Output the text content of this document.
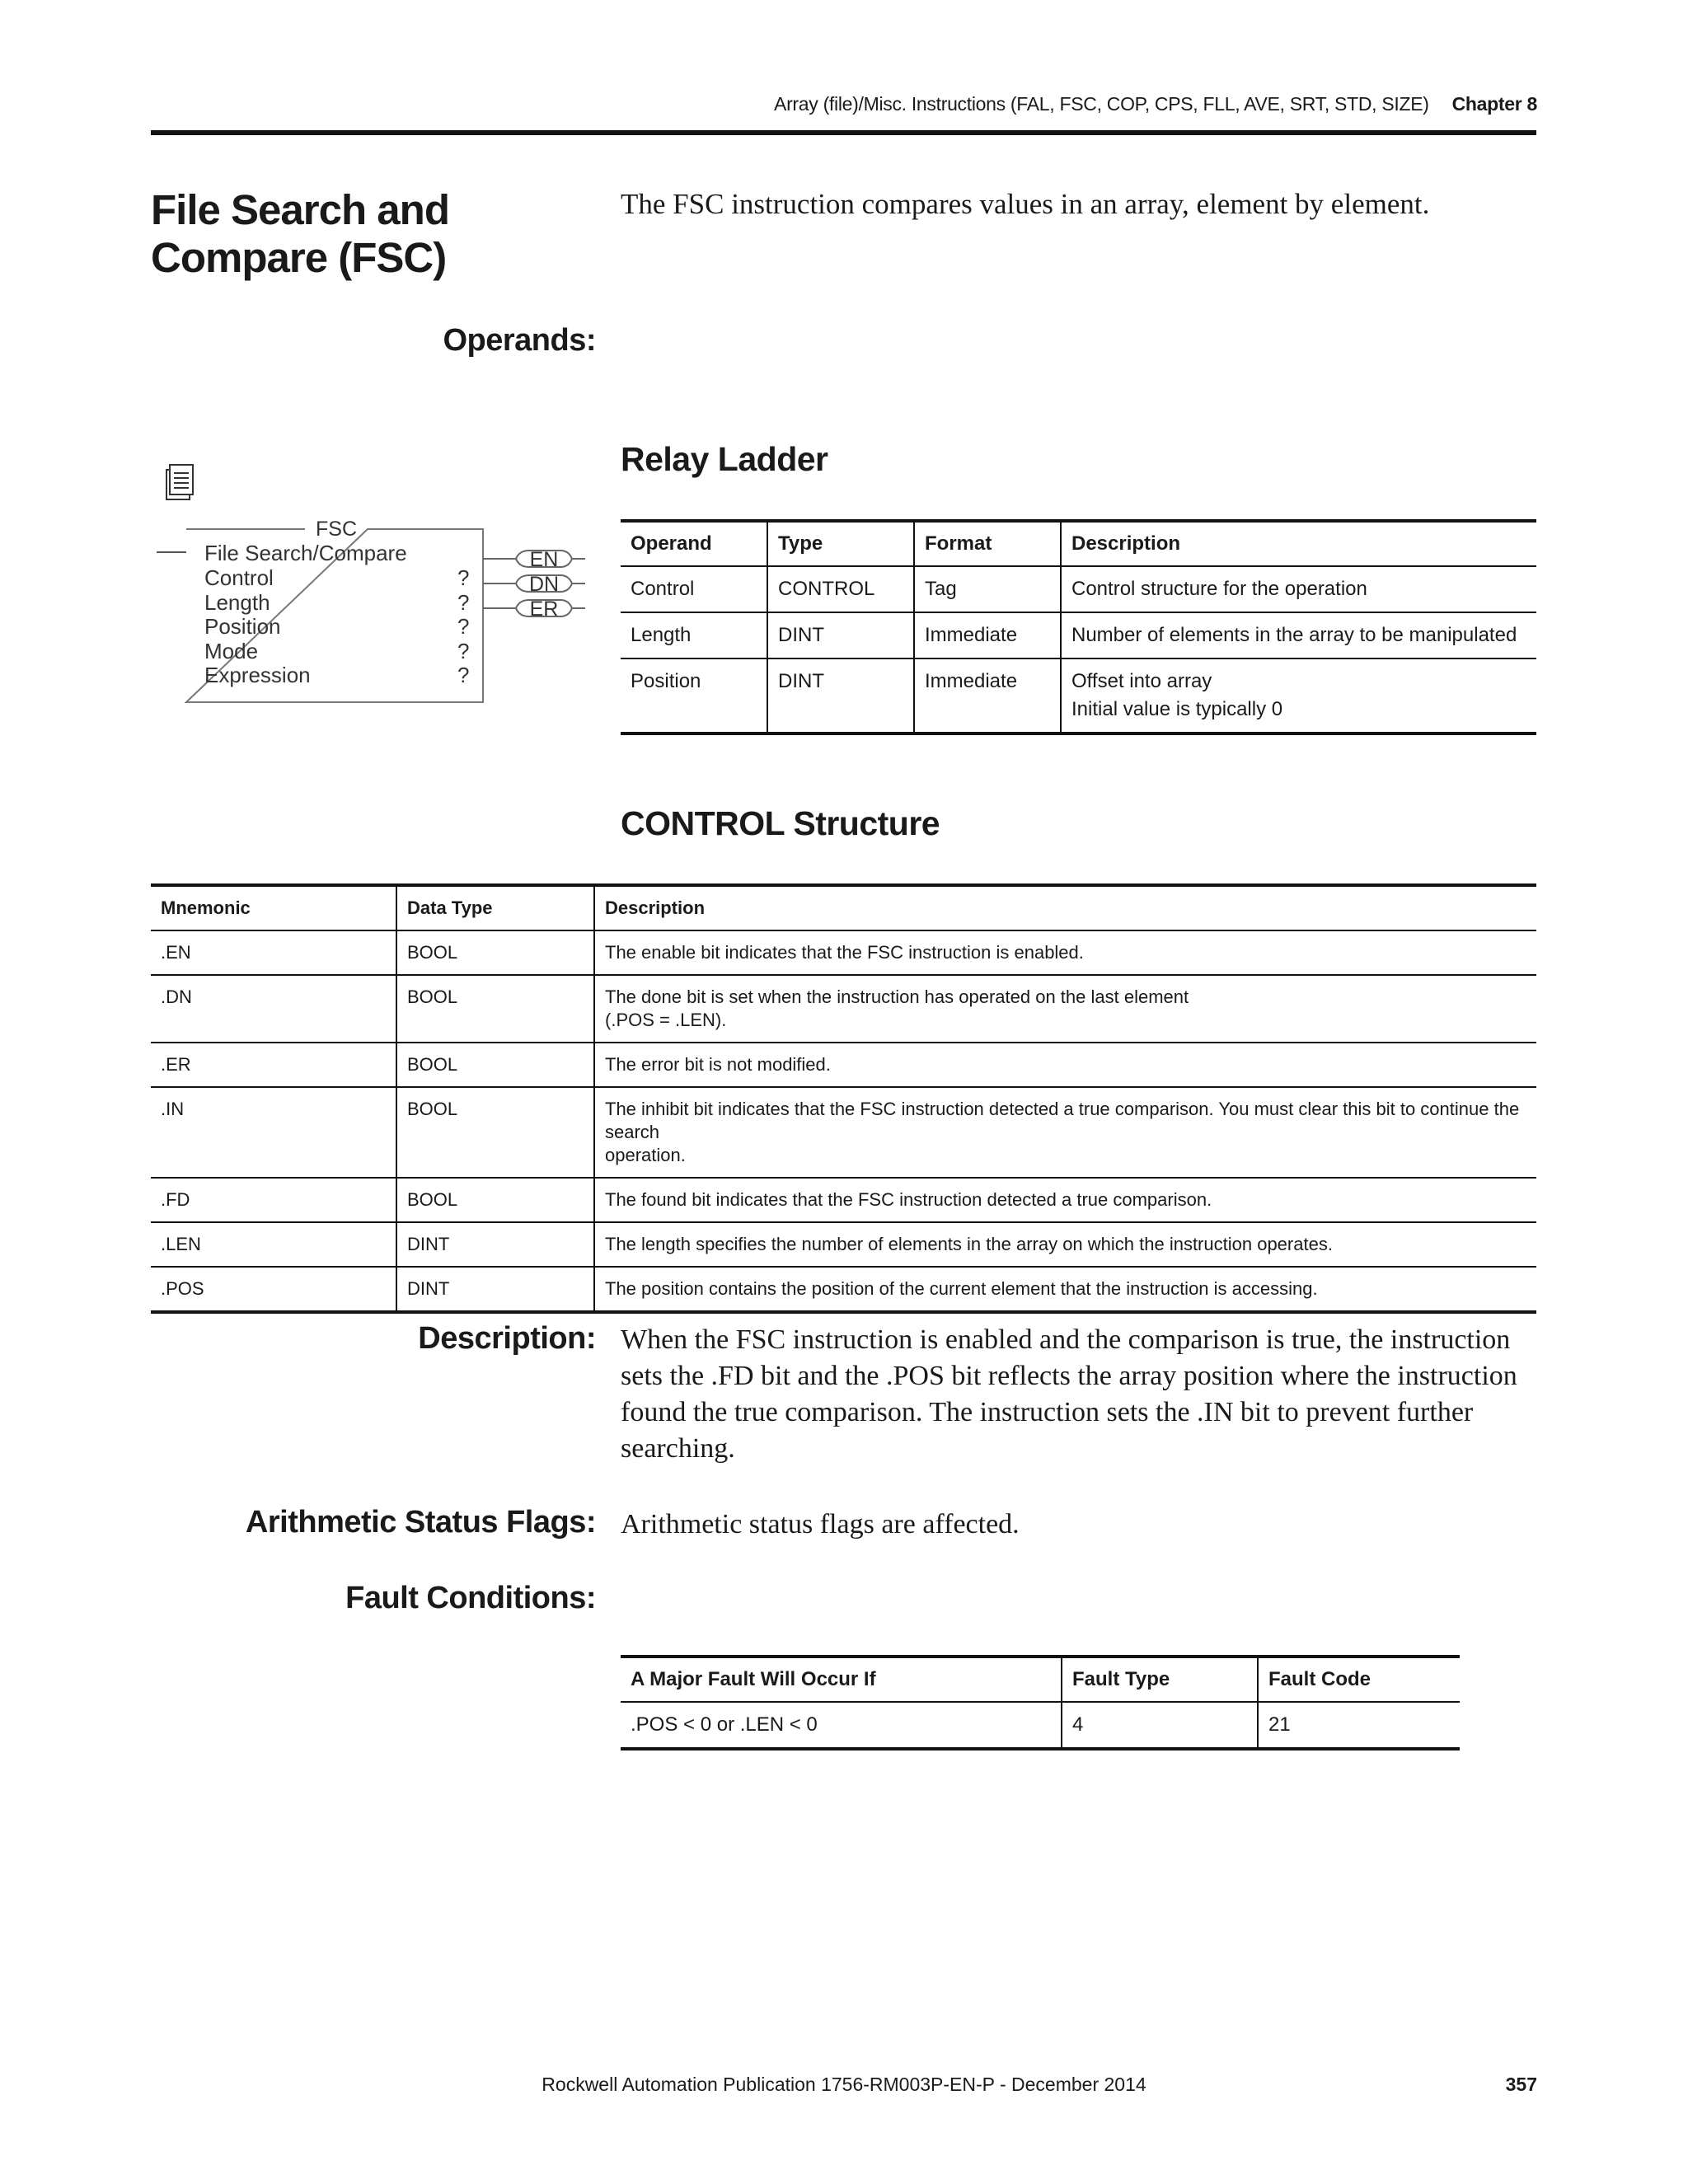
Array (file)/Misc. Instructions (FAL, FSC, COP, CPS, FLL, AVE, SRT, STD, SIZE) Chapter 8
File Search and Compare (FSC)
The FSC instruction compares values in an array, element by element.
Operands:
Relay Ladder
FSC
File Search/Compare
Control	?
Length	?
Position	?
Mode	?
Expression	?
EN
DN
ER
Operand	Type	Format	Description
Control	CONTROL	Tag	Control structure for the operation

Length	DINT	Immediate	Number of elements in the array to be manipulated

Position	DINT	Immediate	Offset into array
Initial value is typically 0
CONTROL Structure
Mnemonic	Data Type	Description
.EN	BOOL	The enable bit indicates that the FSC instruction is enabled.

.DN	BOOL	The done bit is set when the instruction has operated on the last element
(.POS = .LEN).

.ER	BOOL	The error bit is not modified.

.IN	BOOL	The inhibit bit indicates that the FSC instruction detected a true comparison. You must clear this bit to continue the search
operation.

.FD	BOOL	The found bit indicates that the FSC instruction detected a true comparison.

.LEN	DINT	The length specifies the number of elements in the array on which the instruction operates.

.POS	DINT	The position contains the position of the current element that the instruction is accessing.
Description: When the FSC instruction is enabled and the comparison is true, the instruction sets the .FD bit and the .POS bit reflects the array position where the instruction found the true comparison. The instruction sets the .IN bit to prevent further searching.
Arithmetic Status Flags: Arithmetic status flags are affected.
Fault Conditions:
A Major Fault Will Occur If	Fault Type	Fault Code
.POS < 0 or .LEN < 0	4	21
Rockwell Automation Publication 1756-RM003P-EN-P - December 2014	357
